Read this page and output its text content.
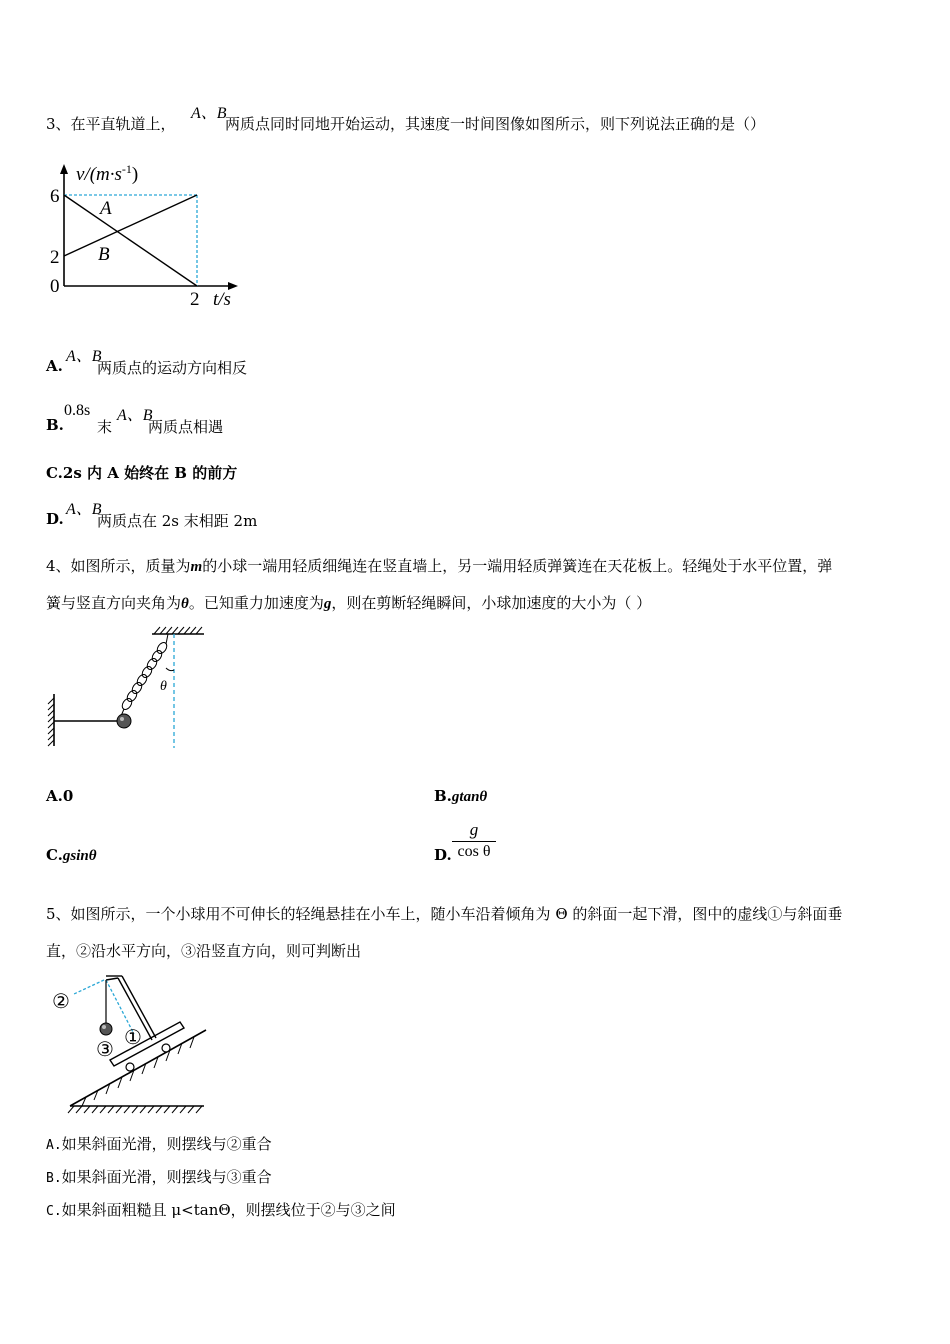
3、在平直轨道上，
A、B
两质点同时同地开始运动，其速度一时间图像如图所示，则下列说法正确的是（）
$v/(m\cdot s^{-1})$
6
2
0
2 t/s
A
B
A.
A、B
两质点的运动方向相反
B.
0.8s
末
A、B
两质点相遇
C.2s 内 A 始终在 B 的前方
D.
A、B
两质点在 2s 末相距 2m
4、如图所示，质量为m的小球一端用轻质细绳连在竖直墙上，另一端用轻质弹簧连在天花板上。轻绳处于水平位置，弹
簧与竖直方向夹角为θ。已知重力加速度为g，则在剪断轻绳瞬间，小球加速度的大小为（ ）
θ
A.0	B.gtanθ
C.gsinθ	D.
g
cos θ
5、如图所示，一个小球用不可伸长的轻绳悬挂在小车上，随小车沿着倾角为 Θ 的斜面一起下滑，图中的虚线①与斜面垂
直，②沿水平方向，③沿竖直方向，则可判断出
②
③
①
A.如果斜面光滑，则摆线与②重合
B.如果斜面光滑，则摆线与③重合
C.如果斜面粗糙且 μ<tanΘ，则摆线位于②与③之间
